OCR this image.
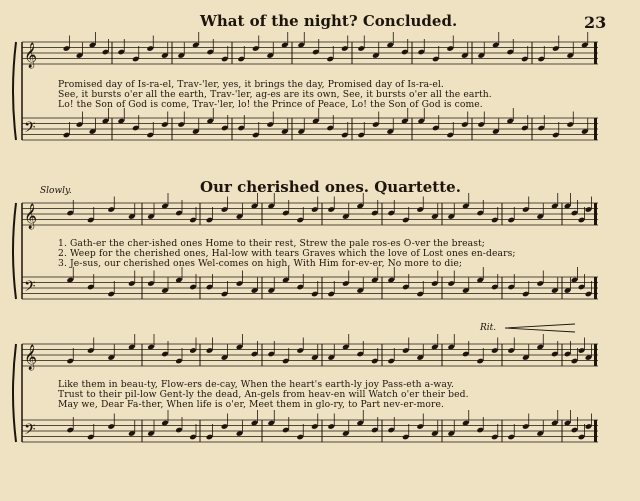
𝄞
𝄢
𝄞
𝄢
𝄞
𝄢
What of the night? Concluded.	23
Promised day of Is-ra-el, Trav-'ler, yes, it brings the day, Promised day of Is-ra-el.
See, it bursts o'er all the earth, Trav-'ler, ag-es are its own, See, it bursts o'er all the earth.
Lo! the Son of God is come, Trav-'ler, lo! the Prince of Peace, Lo! the Son of God is come.
Slowly.	Our cherished ones. Quartette.
1. Gath-er the cher-ished ones Home to their rest, Strew the pale ros-es O-ver the breast;
2. Weep for the cherished ones, Hal-low with tears Graves which the love of Lost ones en-dears;
3. Je-sus, our cherished ones Wel-comes on high, With Him for-ev-er, No more to die;
Rit.
Like them in beau-ty, Flow-ers de-cay, When the heart's earth-ly joy Pass-eth a-way.
Trust to their pil-low Gent-ly the dead, An-gels from heav-en will Watch o'er their bed.
May we, Dear Fa-ther, When life is o'er, Meet them in glo-ry, to Part nev-er-more.
